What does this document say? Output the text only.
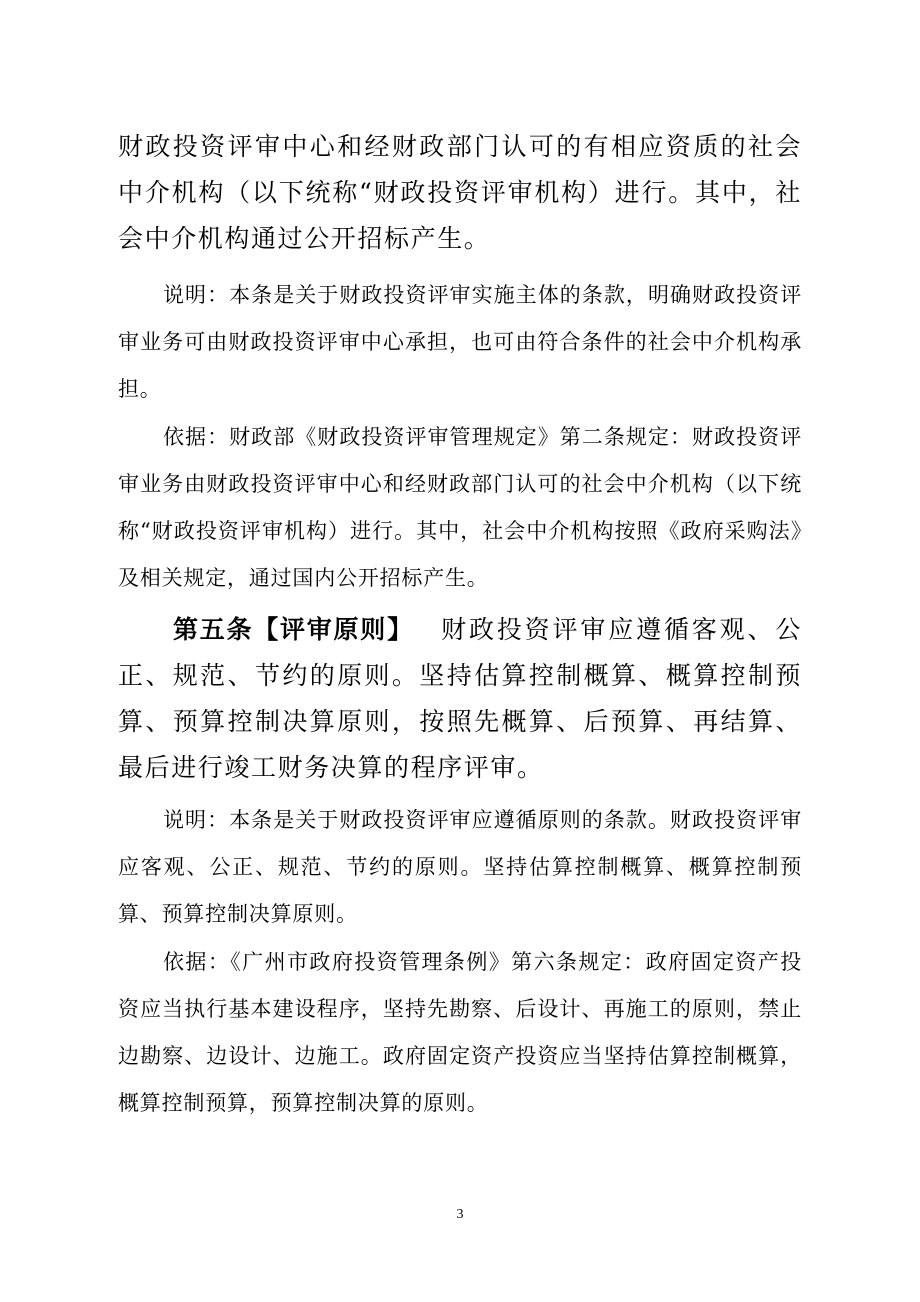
财政投资评审中心和经财政部门认可的有相应资质的社会中介机构（以下统称“财政投资评审机构）进行。其中，社会中介机构通过公开招标产生。

说明：本条是关于财政投资评审实施主体的条款，明确财政投资评审业务可由财政投资评审中心承担，也可由符合条件的社会中介机构承担。

依据：财政部《财政投资评审管理规定》第二条规定：财政投资评审业务由财政投资评审中心和经财政部门认可的社会中介机构（以下统称“财政投资评审机构）进行。其中，社会中介机构按照《政府采购法》及相关规定，通过国内公开招标产生。

第五条【评审原则】 财政投资评审应遵循客观、公正、规范、节约的原则。坚持估算控制概算、概算控制预算、预算控制决算原则，按照先概算、后预算、再结算、最后进行竣工财务决算的程序评审。

说明：本条是关于财政投资评审应遵循原则的条款。财政投资评审应客观、公正、规范、节约的原则。坚持估算控制概算、概算控制预算、预算控制决算原则。

依据：《广州市政府投资管理条例》第六条规定：政府固定资产投资应当执行基本建设程序，坚持先勘察、后设计、再施工的原则，禁止边勘察、边设计、边施工。政府固定资产投资应当坚持估算控制概算，概算控制预算，预算控制决算的原则。

3
